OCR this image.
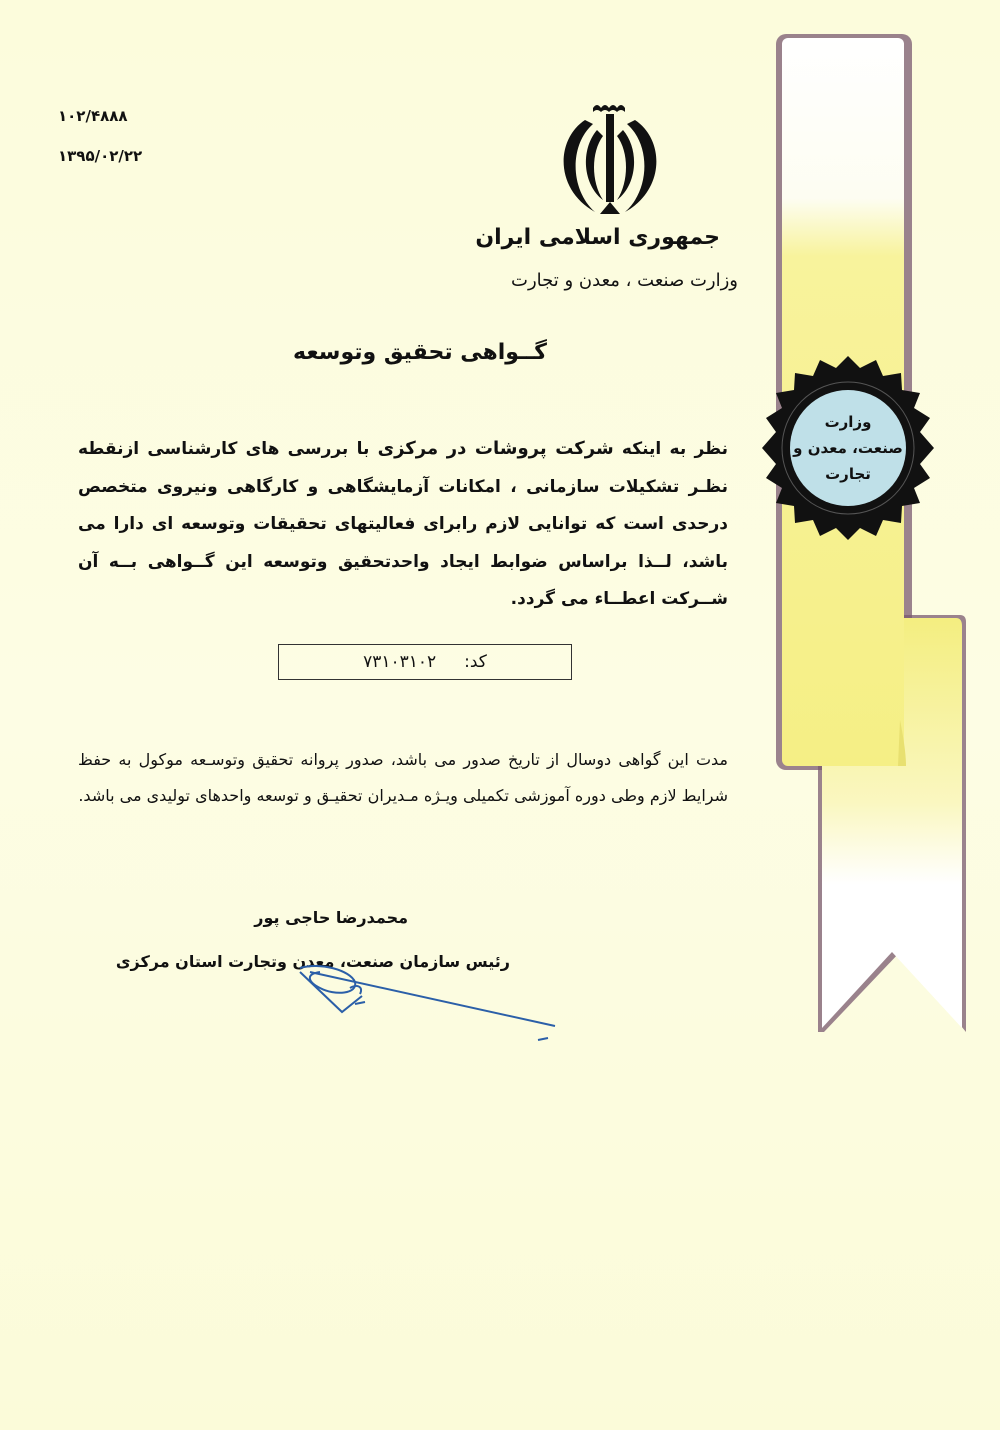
۱۰۲/۴۸۸۸
۱۳۹۵/۰۲/۲۲
جمهوری اسلامی ایران
وزارت صنعت ، معدن و تجارت
گــواهی تحقیق وتوسعه
نظر به اینکه شرکت پروشات در مرکزی با بررسی های کارشناسی ازنقطه نظـر تشکیلات سازمانی ، امکانات آزمایشگاهی و کارگاهی ونیروی متخصص درحدی است که توانایی لازم رابرای فعالیتهای تحقیقات وتوسعه ای دارا می باشد، لــذا براساس ضوابط ایجاد واحدتحقیق وتوسعه این گــواهی بــه آن شــرکت اعطــاء می گردد.
کد:
۷۳۱۰۳۱۰۲
مدت این گواهی دوسال از تاریخ صدور می باشد، صدور پروانه تحقیق وتوسـعه موکول به حفظ شرایط لازم وطی دوره آموزشی تکمیلی ویـژه مـدیران تحقیـق و توسعه واحدهای تولیدی می باشد.
محمدرضا حاجی پور
رئیس سازمان صنعت، معدن وتجارت استان مرکزی
وزارت
صنعت، معدن و
تجارت
